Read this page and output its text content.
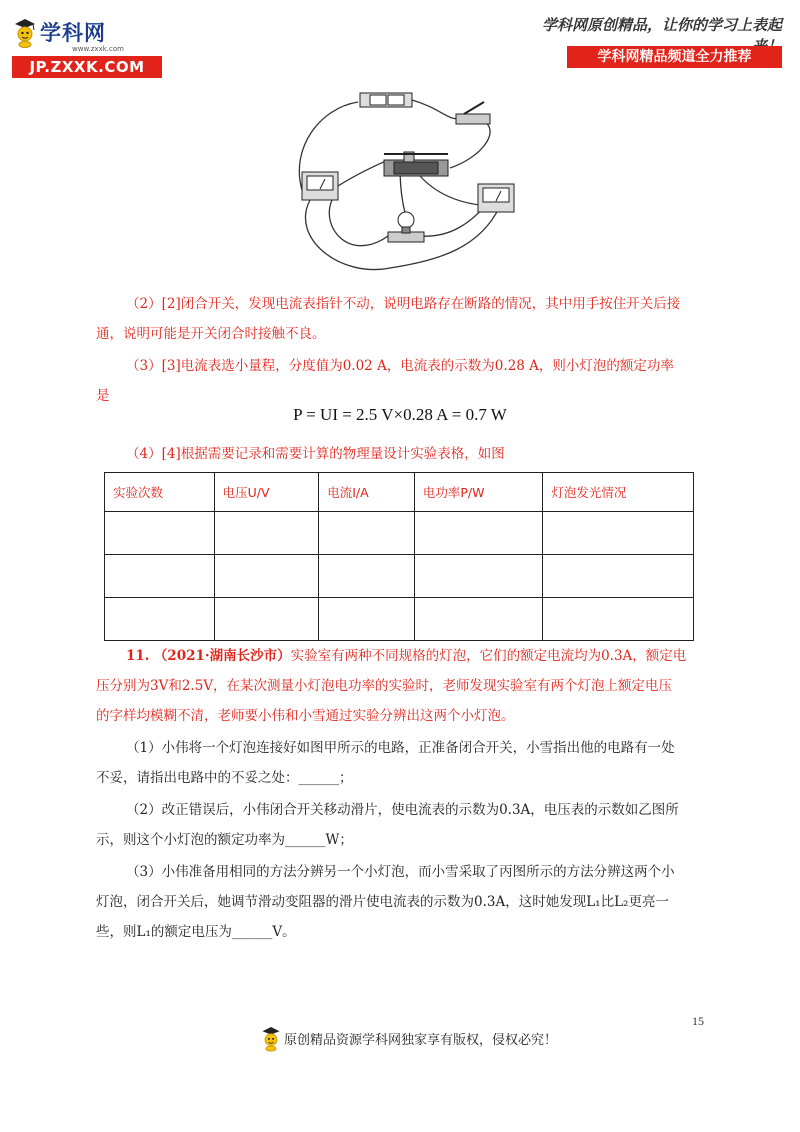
学科网
www.zxxk.com
JP.ZXXK.COM
学科网原创精品，让你的学习上表起
学科网精品频道全力推荐
（2）[2]闭合开关，发现电流表指针不动，说明电路存在断路的情况，其中用手按住开关后接
通，说明可能是开关闭合时接触不良。
（3）[3]电流表选小量程，分度值为0.02 A，电流表的示数为0.28 A，则小灯泡的额定功率
是
P = UI = 2.5 V×0.28 A = 0.7 W
（4）[4]根据需要记录和需要计算的物理量设计实验表格，如图
实验次数	电压U/V	电流I/A	电功率P/W	灯泡发光情况

11. （2021·湖南长沙市）实验室有两种不同规格的灯泡，它们的额定电流均为0.3A，额定电
压分别为3V和2.5V，在某次测量小灯泡电功率的实验时，老师发现实验室有两个灯泡上额定电压
的字样均模糊不清，老师要小伟和小雪通过实验分辨出这两个小灯泡。
（1）小伟将一个灯泡连接好如图甲所示的电路，正准备闭合开关，小雪指出他的电路有一处
不妥，请指出电路中的不妥之处：______；
（2）改正错误后，小伟闭合开关移动滑片，使电流表的示数为0.3A，电压表的示数如乙图所
示，则这个小灯泡的额定功率为______W；
（3）小伟准备用相同的方法分辨另一个小灯泡，而小雪采取了丙图所示的方法分辨这两个小
灯泡，闭合开关后，她调节滑动变阻器的滑片使电流表的示数为0.3A，这时她发现L₁比L₂更亮一
些，则L₁的额定电压为______V。
15
原创精品资源学科网独家享有版权，侵权必究！
